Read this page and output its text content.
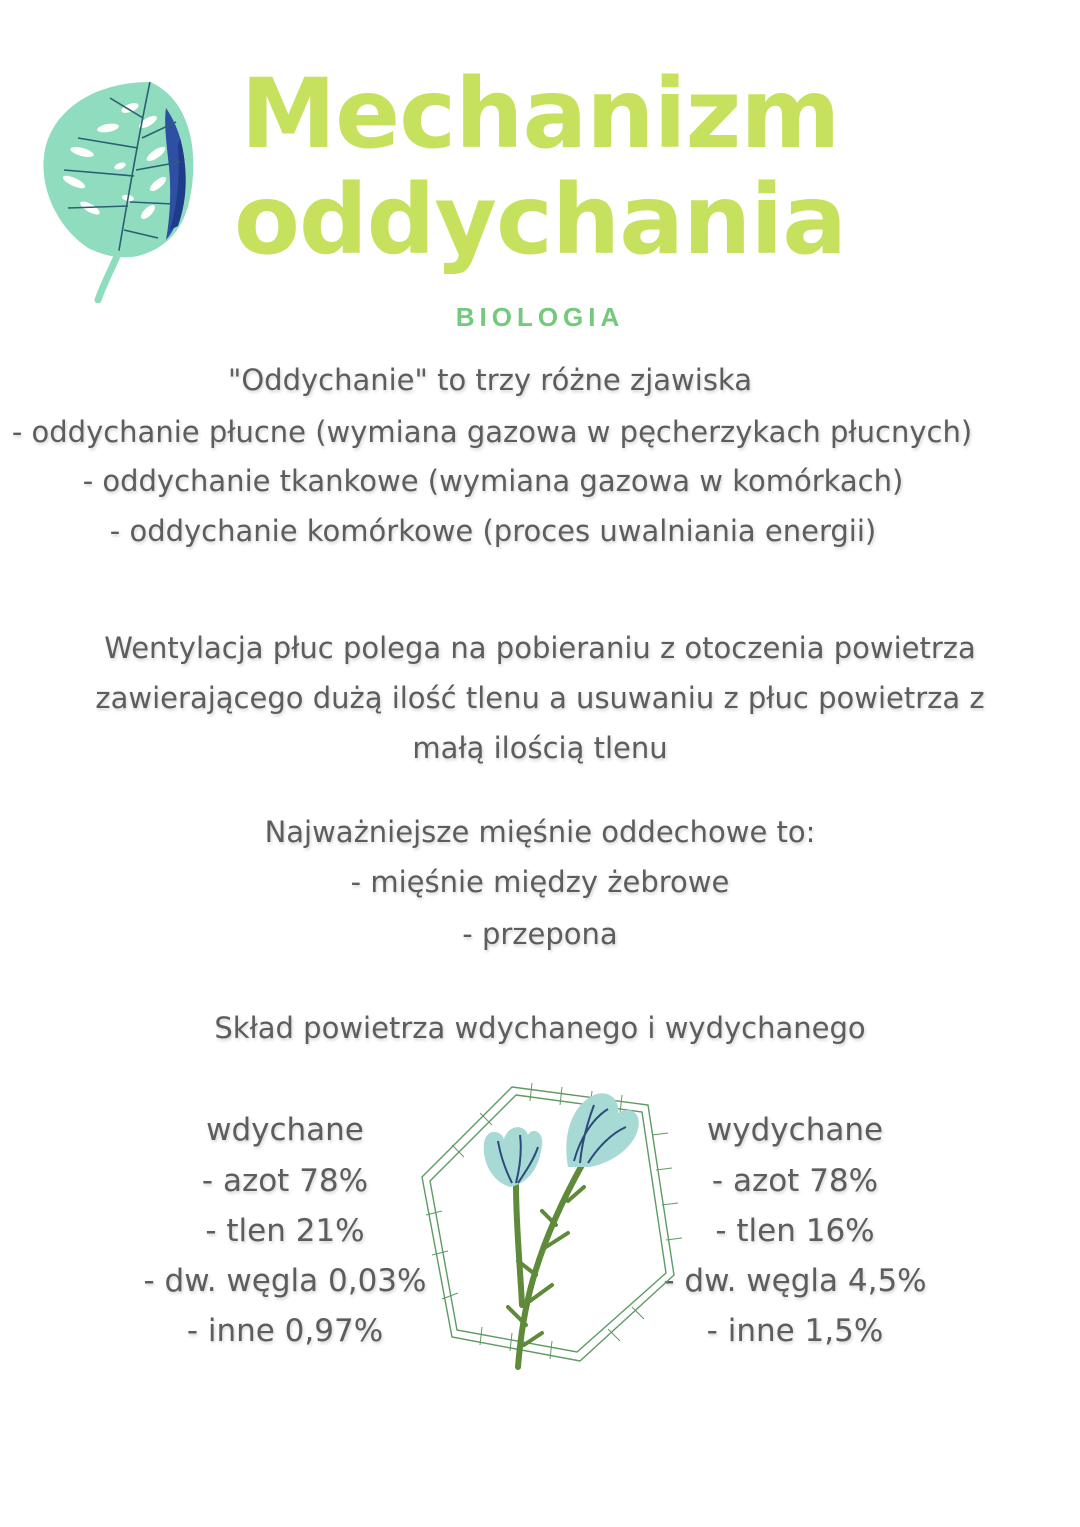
Mechanizm
oddychania
BIOLOGIA
"Oddychanie" to trzy różne zjawiska
- oddychanie płucne (wymiana gazowa w pęcherzykach płucnych)
- oddychanie tkankowe (wymiana gazowa w komórkach)
- oddychanie komórkowe (proces uwalniania energii)
Wentylacja płuc polega na pobieraniu z otoczenia powietrza
zawierającego dużą ilość tlenu a usuwaniu z płuc powietrza z
małą ilością tlenu
Najważniejsze mięśnie oddechowe to:
- mięśnie między żebrowe
- przepona
Skład powietrza wdychanego i wydychanego
wdychane
- azot 78%
- tlen 21%
- dw. węgla 0,03%
- inne 0,97%
wydychane
- azot 78%
- tlen 16%
- dw. węgla 4,5%
- inne 1,5%
